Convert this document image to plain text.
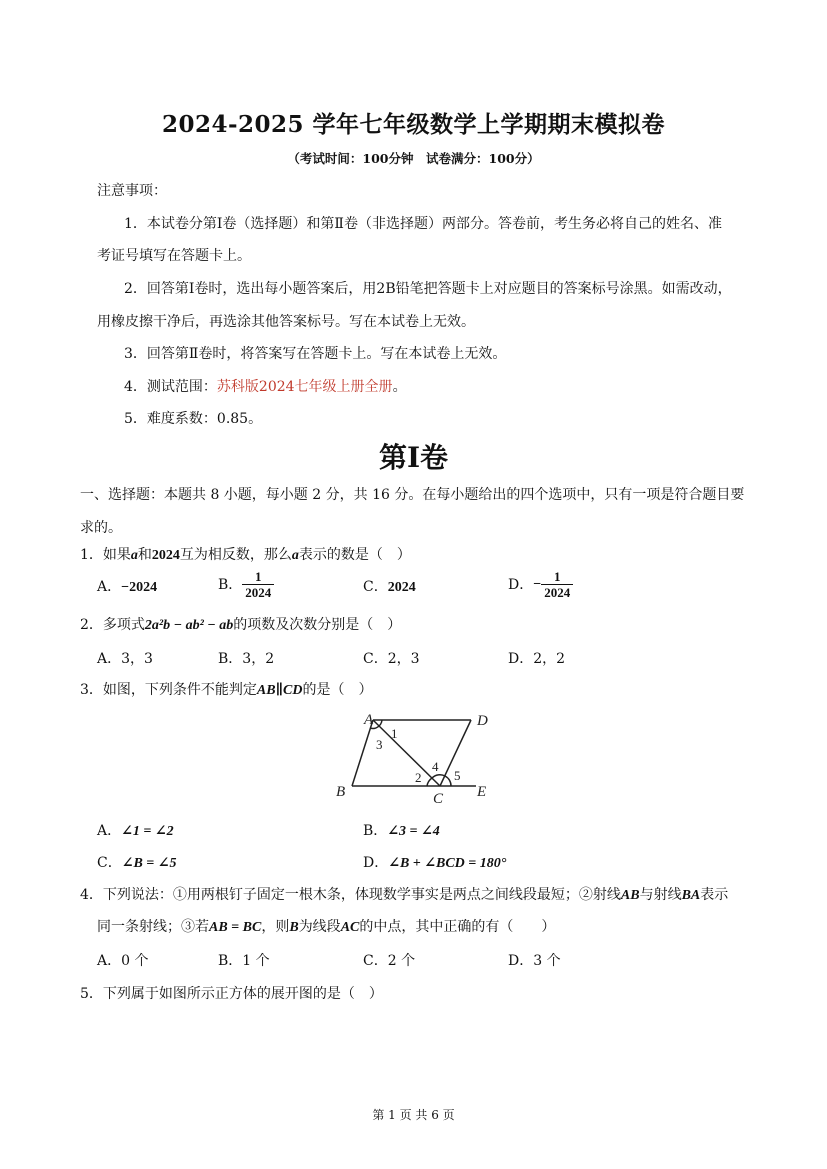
2024-2025 学年七年级数学上学期期末模拟卷
（考试时间：100分钟　试卷满分：100分）
注意事项：
1．本试卷分第Ⅰ卷（选择题）和第Ⅱ卷（非选择题）两部分。答卷前，考生务必将自己的姓名、准
考证号填写在答题卡上。
2．回答第Ⅰ卷时，选出每小题答案后，用2B铅笔把答题卡上对应题目的答案标号涂黑。如需改动，
用橡皮擦干净后，再选涂其他答案标号。写在本试卷上无效。
3．回答第Ⅱ卷时，将答案写在答题卡上。写在本试卷上无效。
4．测试范围：苏科版2024七年级上册全册。
5．难度系数：0.85。
第Ⅰ卷
一、选择题：本题共 8 小题，每小题 2 分，共 16 分。在每小题给出的四个选项中，只有一项是符合题目要
求的。
1．如果a和2024互为相反数，那么a表示的数是（　）
A．−2024	B． $\frac{1}{2024}$	C．2024	D． − $\frac{1}{2024}$
2．多项式2a²b − ab² − ab的项数及次数分别是（　）
A．3，3	B．3，2	C．2，3	D．2，2
3．如图，下列条件不能判定AB∥CD的是（　）
A	D
B	C E
1
3
2
4
5
A．∠1 = ∠2	B．∠3 = ∠4
C．∠B = ∠5	D．∠B + ∠BCD = 180°
4．下列说法：①用两根钉子固定一根木条，体现数学事实是两点之间线段最短；②射线AB与射线BA表示
同一条射线；③若AB = BC，则B为线段AC的中点，其中正确的有（　　）
A．0 个	B．1 个	C．2 个	D．3 个
5．下列属于如图所示正方体的展开图的是（　）
第 1 页 共 6 页
